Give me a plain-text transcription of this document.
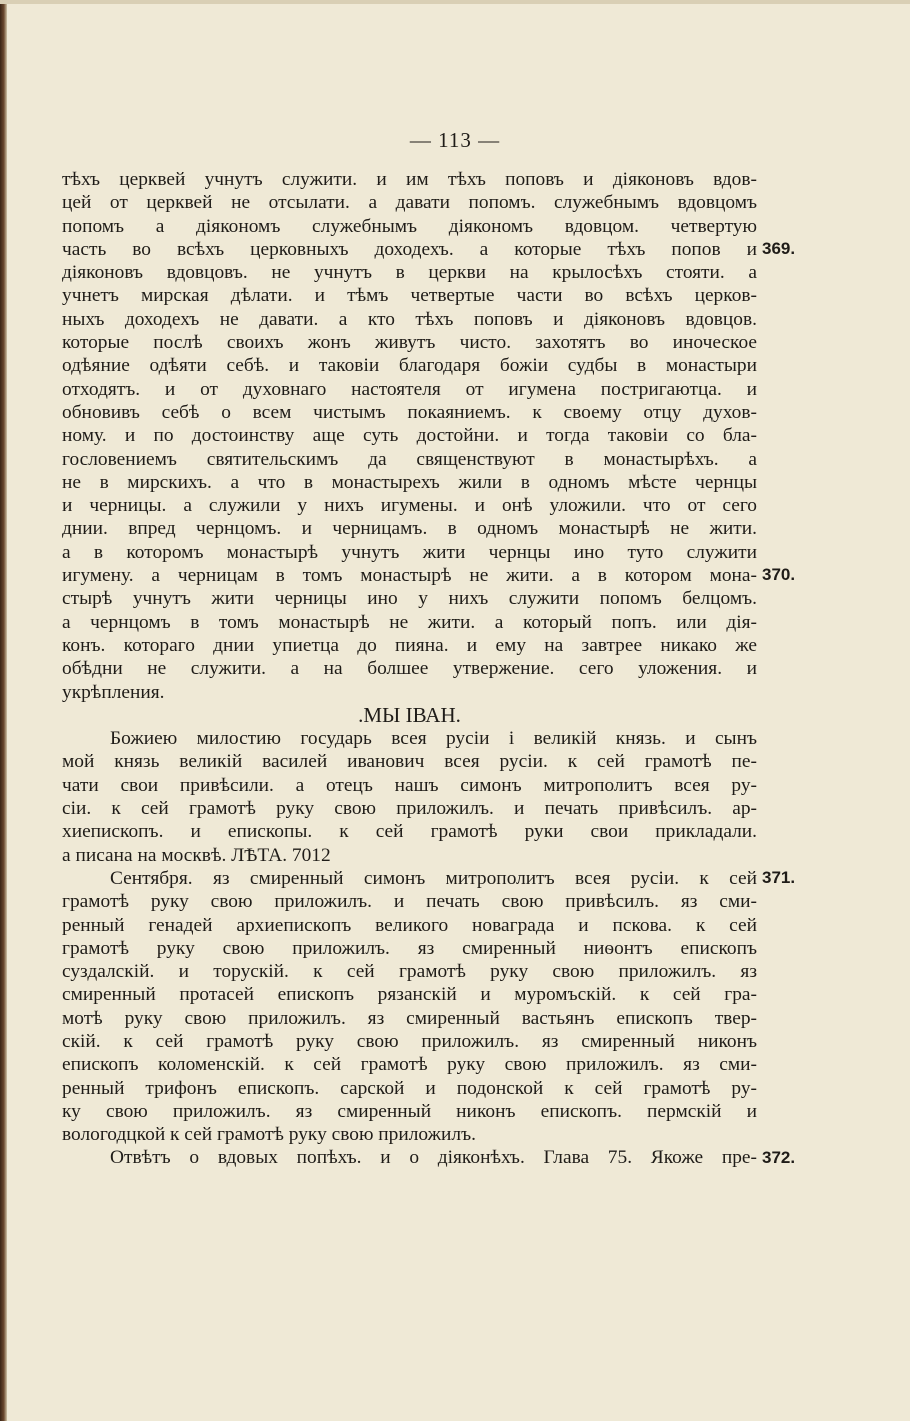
— 113 —
тѣхъ церквей учнутъ служити. и им тѣхъ поповъ и діяконовъ вдов-
цей от церквей не отсылати. а давати попомъ. служебнымъ вдовцомъ
попомъ а діякономъ служебнымъ діякономъ вдовцом. четвертую
часть во всѣхъ церковныхъ доходехъ. а которые тѣхъ попов и
діяконовъ вдовцовъ. не учнутъ в церкви на крылосѣхъ стояти. а
учнетъ мирская дѣлати. и тѣмъ четвертые части во всѣхъ церков-
ныхъ доходехъ не давати. а кто тѣхъ поповъ и діяконовъ вдовцов.
которые послѣ своихъ жонъ живутъ чисто. захотятъ во иноческое
одѣяние одѣяти себѣ. и таковіи благодаря божіи судбы в монастыри
отходятъ. и от духовнаго настоятеля от игумена постригаютца. и
обновивъ себѣ о всем чистымъ покаяниемъ. к своему отцу духов-
ному. и по достоинству аще суть достойни. и тогда таковіи со бла-
гословениемъ святительскимъ да священствуют в монастырѣхъ. а
не в мирскихъ. а что в монастырехъ жили в одномъ мѣсте чернцы
и черницы. а служили у нихъ игумены. и онѣ уложили. что от сего
днии. впред чернцомъ. и черницамъ. в одномъ монастырѣ не жити.
а в которомъ монастырѣ учнутъ жити чернцы ино туто служити
игумену. а черницам в томъ монастырѣ не жити. а в котором мона-
стырѣ учнутъ жити черницы ино у нихъ служити попомъ белцомъ.
а чернцомъ в томъ монастырѣ не жити. а который попъ. или дія-
конъ. котораго днии упиетца до пияна. и ему на завтрее никако же
обѣдни не служити. а на болшее утвержение. сего уложения. и
укрѣпления.
.МЫ IВАН.
Божиею милостию государь всея русіи і великій князь. и сынъ
мой князь великій василей иванович всея русіи. к сей грамотѣ пе-
чати свои привѣсили. а отецъ нашъ симонъ митрополитъ всея ру-
сіи. к сей грамотѣ руку свою приложилъ. и печать привѣсилъ. ар-
хиепископъ. и епископы. к сей грамотѣ руки свои прикладали.
а писана на москвѣ. ЛѢТА. 7012
Сентября. яз смиренный симонъ митрополитъ всея русіи. к сей
грамотѣ руку свою приложилъ. и печать свою привѣсилъ. яз сми-
ренный генадей архиепископъ великого новаграда и пскова. к сей
грамотѣ руку свою приложилъ. яз смиренный ниѳонтъ епископъ
суздалскій. и торускій. к сей грамотѣ руку свою приложилъ. яз
смиренный протасей епископъ рязанскій и муромъскій. к сей гра-
мотѣ руку свою приложилъ. яз смиренный вастьянъ епископъ твер-
скій. к сей грамотѣ руку свою приложилъ. яз смиренный никонъ
епископъ коломенскій. к сей грамотѣ руку свою приложилъ. яз сми-
ренный трифонъ епископъ. сарской и подонской к сей грамотѣ ру-
ку свою приложилъ. яз смиренный никонъ епископъ. пермскій и
вологодцкой к сей грамотѣ руку свою приложилъ.
Отвѣтъ о вдовых попѣхъ. и о діяконѣхъ. Глава 75. Якоже пре-
369.
370.
371.
372.
